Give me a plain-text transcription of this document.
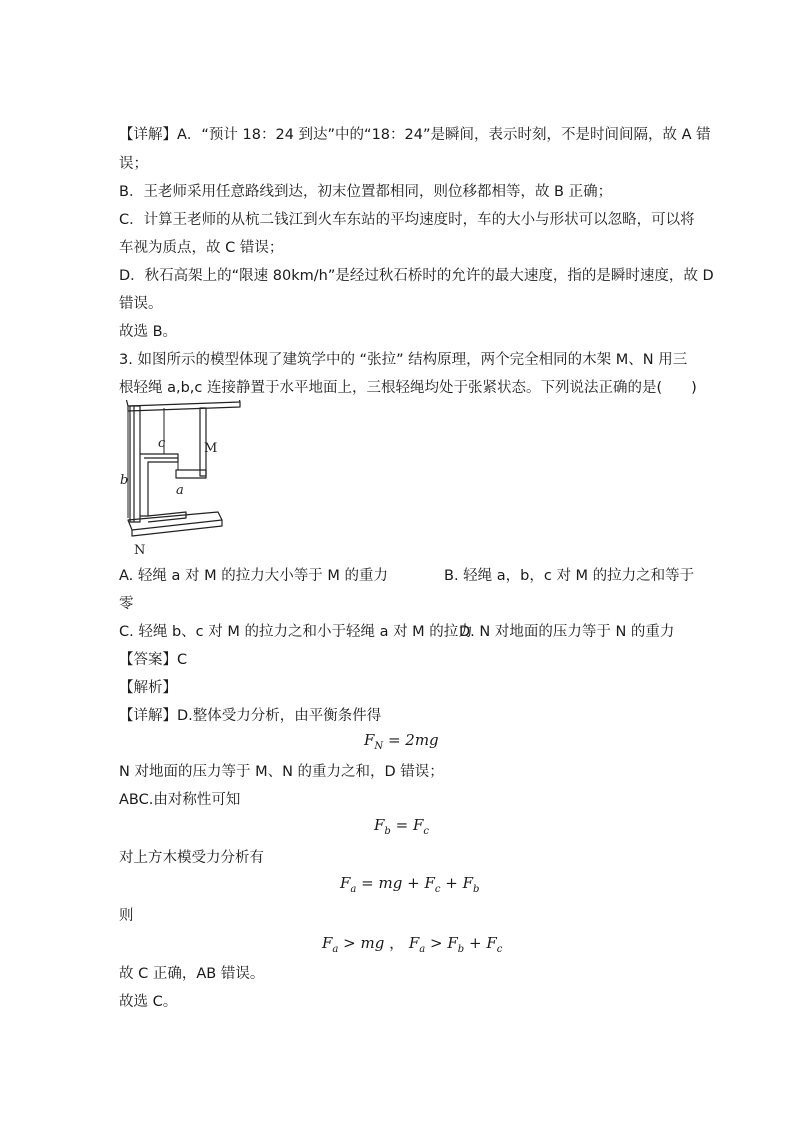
【详解】A．“预计 18：24 到达”中的“18：24”是瞬间，表示时刻，不是时间间隔，故 A 错
误；
B．王老师采用任意路线到达，初末位置都相同，则位移都相等，故 B 正确；
C．计算王老师的从杭二钱江到火车东站的平均速度时，车的大小与形状可以忽略，可以将
车视为质点，故 C 错误；
D．秋石高架上的“限速 80km/h”是经过秋石桥时的允许的最大速度，指的是瞬时速度，故 D
错误。
故选 B。
3. 如图所示的模型体现了建筑学中的 “张拉” 结构原理，两个完全相同的木架 M、N 用三
根轻绳 a,b,c 连接静置于水平地面上，三根轻绳均处于张紧状态。下列说法正确的是(　　)
c
b
a
M
N
A. 轻绳 a 对 M 的拉力大小等于 M 的重力	B. 轻绳 a，b，c 对 M 的拉力之和等于
零
C. 轻绳 b、c 对 M 的拉力之和小于轻绳 a 对 M 的拉力
D. N 对地面的压力等于 N 的重力
【答案】C
【解析】
【详解】D.整体受力分析，由平衡条件得
$F_N = 2mg$
N 对地面的压力等于 M、N 的重力之和，D 错误；
ABC.由对称性可知
$F_b = F_c$
对上方木模受力分析有
$F_a$ = mg + $F_c + F_b$
则
$F_a$ > mg ， $F_a > F_b + F_c$
故 C 正确，AB 错误。
故选 C。
